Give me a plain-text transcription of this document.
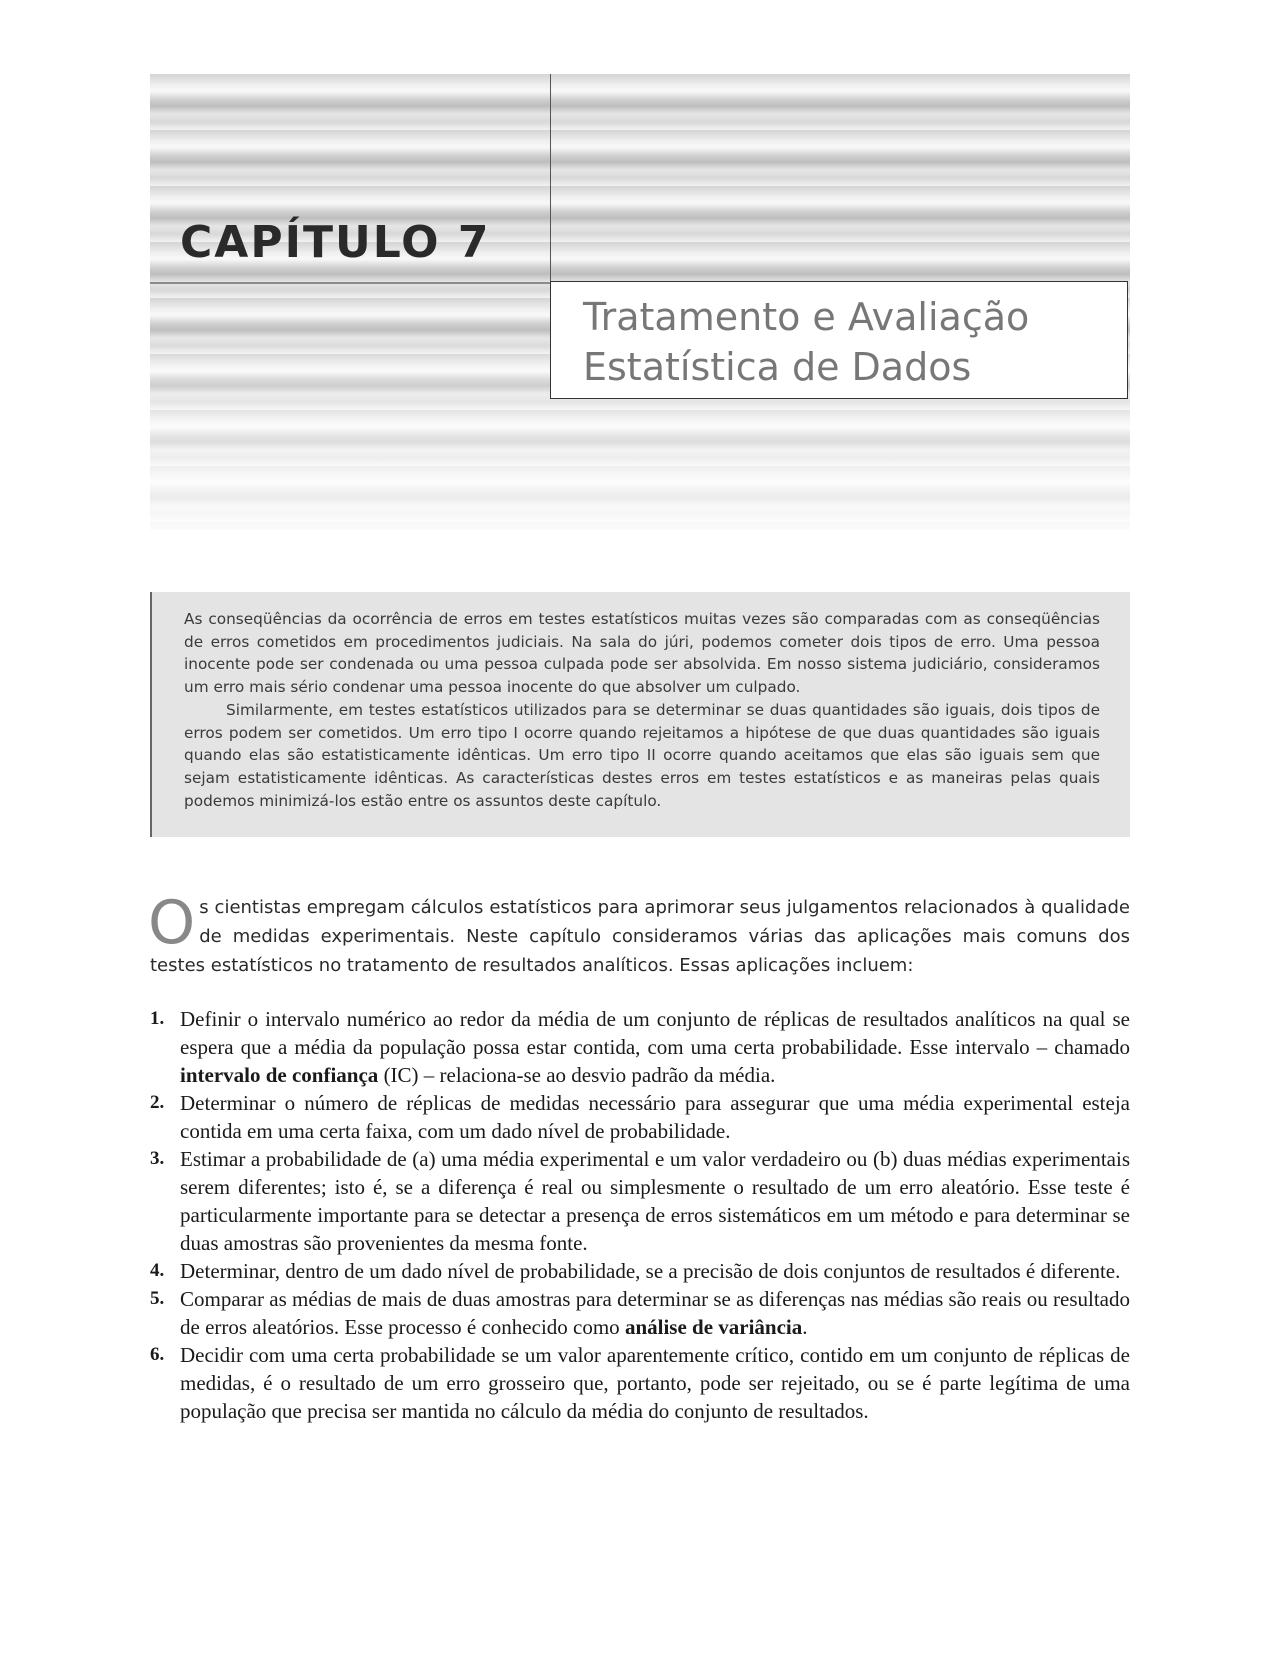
CAPÍTULO 7
Tratamento e Avaliação
Estatística de Dados

As conseqüências da ocorrência de erros em testes estatísticos muitas vezes são comparadas com as conseqüências de erros cometidos em procedimentos judiciais. Na sala do júri, podemos cometer dois tipos de erro. Uma pessoa inocente pode ser condenada ou uma pessoa culpada pode ser absolvida. Em nosso sistema judiciário, consideramos um erro mais sério condenar uma pessoa inocente do que absolver um culpado.

Similarmente, em testes estatísticos utilizados para se determinar se duas quantidades são iguais, dois tipos de erros podem ser cometidos. Um erro tipo I ocorre quando rejeitamos a hipótese de que duas quantidades são iguais quando elas são estatisticamente idênticas. Um erro tipo II ocorre quando aceitamos que elas são iguais sem que sejam estatisticamente idênticas. As características destes erros em testes estatísticos e as maneiras pelas quais podemos minimizá-los estão entre os assuntos deste capítulo.

Os cientistas empregam cálculos estatísticos para aprimorar seus julgamentos relacionados à qualidade de medidas experimentais. Neste capítulo consideramos várias das aplicações mais comuns dos testes estatísticos no tratamento de resultados analíticos. Essas aplicações incluem:

1. Definir o intervalo numérico ao redor da média de um conjunto de réplicas de resultados analíticos na qual se espera que a média da população possa estar contida, com uma certa probabilidade. Esse intervalo – chamado intervalo de confiança (IC) – relaciona-se ao desvio padrão da média.
2. Determinar o número de réplicas de medidas necessário para assegurar que uma média experimental esteja contida em uma certa faixa, com um dado nível de probabilidade.
3. Estimar a probabilidade de (a) uma média experimental e um valor verdadeiro ou (b) duas médias experimentais serem diferentes; isto é, se a diferença é real ou simplesmente o resultado de um erro aleatório. Esse teste é particularmente importante para se detectar a presença de erros sistemáticos em um método e para determinar se duas amostras são provenientes da mesma fonte.
4. Determinar, dentro de um dado nível de probabilidade, se a precisão de dois conjuntos de resultados é diferente.
5. Comparar as médias de mais de duas amostras para determinar se as diferenças nas médias são reais ou resultado de erros aleatórios. Esse processo é conhecido como análise de variância.
6. Decidir com uma certa probabilidade se um valor aparentemente crítico, contido em um conjunto de réplicas de medidas, é o resultado de um erro grosseiro que, portanto, pode ser rejeitado, ou se é parte legítima de uma população que precisa ser mantida no cálculo da média do conjunto de resultados.
